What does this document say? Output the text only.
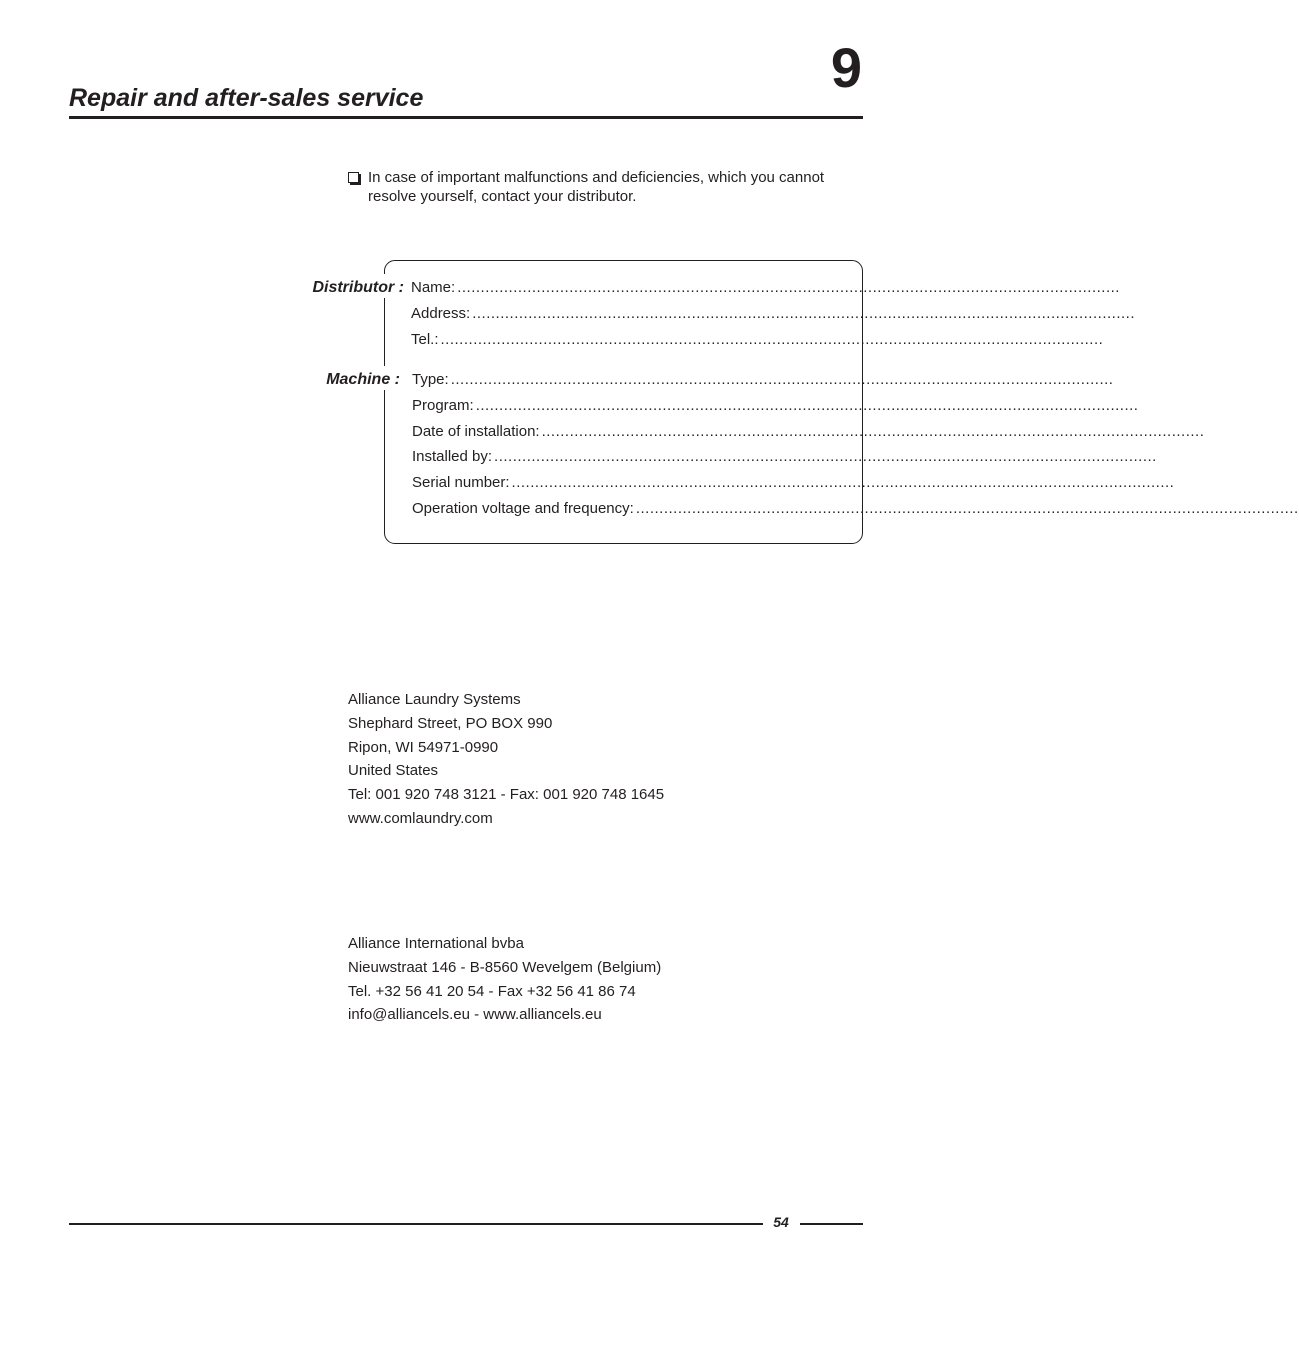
9
Repair and after-sales service
In case of important malfunctions and deficiencies, which you cannot resolve yourself, contact your distributor.
Distributor :
Machine :
Name: ..............................................................................................................................................
Address: ..............................................................................................................................................
Tel.: ..............................................................................................................................................
Type: ..............................................................................................................................................
Program: ..............................................................................................................................................
Date of installation: ..............................................................................................................................................
Installed by: ..............................................................................................................................................
Serial number: ..............................................................................................................................................
Operation voltage and frequency: ..............................................................................................................................................
Alliance Laundry Systems
Shephard Street, PO BOX 990
Ripon, WI 54971-0990
United States
Tel: 001 920 748 3121 - Fax: 001 920 748 1645
www.comlaundry.com
Alliance International bvba
Nieuwstraat 146 - B-8560 Wevelgem (Belgium)
Tel. +32 56 41 20 54 - Fax +32 56 41 86 74
info@alliancels.eu - www.alliancels.eu
54
